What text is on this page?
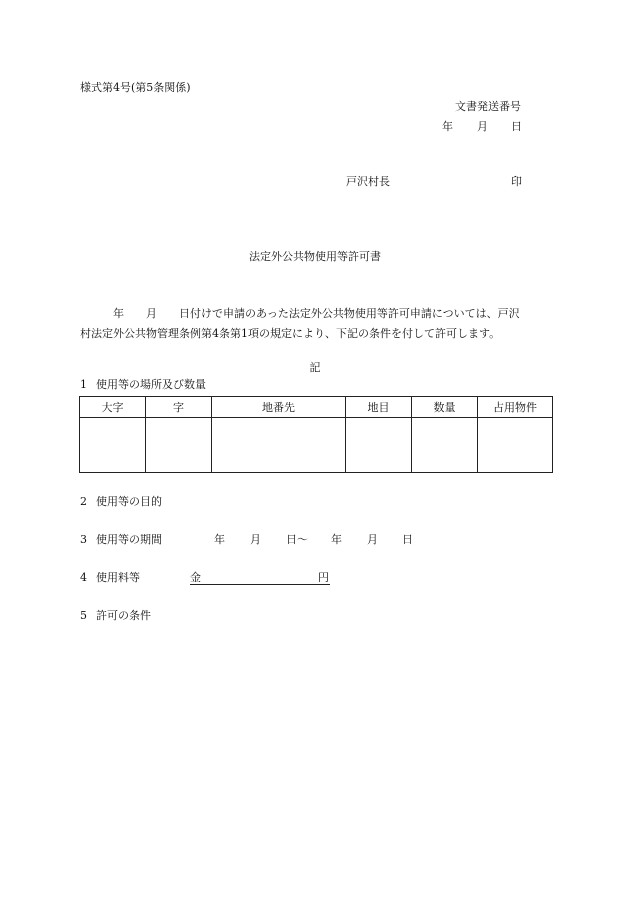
様式第4号(第5条関係)
文書発送番号
年 月 日
戸沢村長	印
法定外公共物使用等許可書
年 月 日付けで申請のあった法定外公共物使用等許可申請については、戸沢
村法定外公共物管理条例第4条第1項の規定により、下記の条件を付して許可します。
記
1 使用等の場所及び数量
大字	字	地番先	地目	数量	占用物件

2 使用等の目的
3 使用等の期間	年 月 日～ 年 月 日
4 使用料等	金	円
5 許可の条件
